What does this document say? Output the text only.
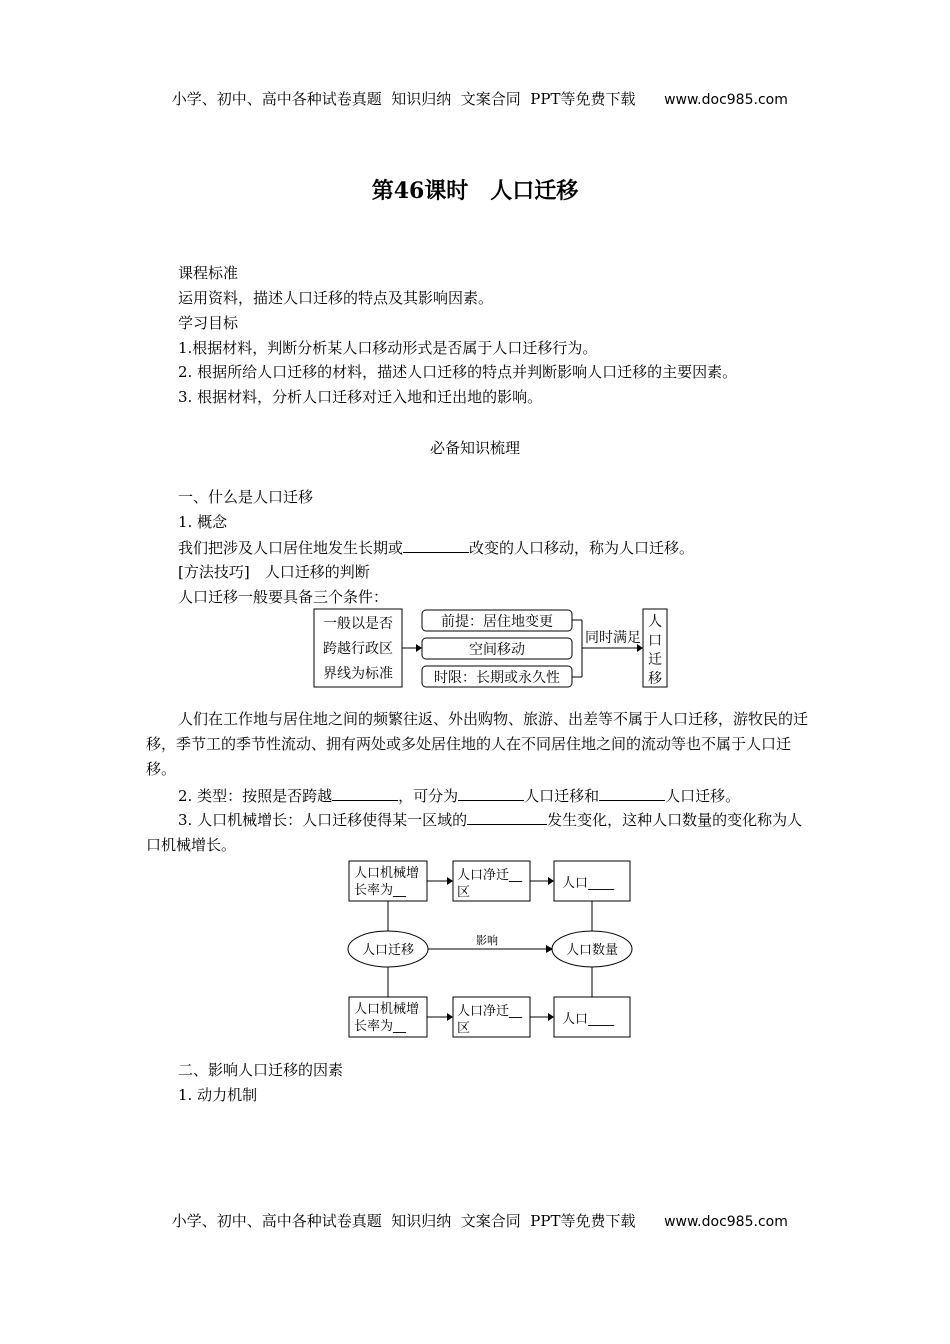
小学、初中、高中各种试卷真题  知识归纳  文案合同  PPT等免费下载 www.doc985.com

第46课时　人口迁移
课程标准
运用资料，描述人口迁移的特点及其影响因素。
学习目标
1.根据材料，判断分析某人口移动形式是否属于人口迁移行为。
2. 根据所给人口迁移的材料，描述人口迁移的特点并判断影响人口迁移的主要因素。
3. 根据材料，分析人口迁移对迁入地和迁出地的影响。
必备知识梳理
一、什么是人口迁移
1. 概念
我们把涉及人口居住地发生长期或	改变的人口移动，称为人口迁移。
[方法技巧]　人口迁移的判断
人口迁移一般要具备三个条件：
一般以是否
跨越行政区
界线为标准
前提：居住地变更
空间移动
时限：长期或永久性
同时满足
人
口
迁
移
人们在工作地与居住地之间的频繁往返、外出购物、旅游、出差等不属于人口迁移，游牧民的迁移，季节工的季节性流动、拥有两处或多处居住地的人在不同居住地之间的流动等也不属于人口迁移。
2. 类型：按照是否跨越	，可分为	人口迁移和	人口迁移。
3. 人口机械增长：人口迁移使得某一区域的	发生变化，这种人口数量的变化称为人口机械增长。
人口机械增
长率为__
人口净迁__
区
人口____
人口迁移
影响
人口数量
人口机械增
长率为__
人口净迁__
区
人口____
二、影响人口迁移的因素
1. 动力机制

小学、初中、高中各种试卷真题  知识归纳  文案合同  PPT等免费下载 www.doc985.com
